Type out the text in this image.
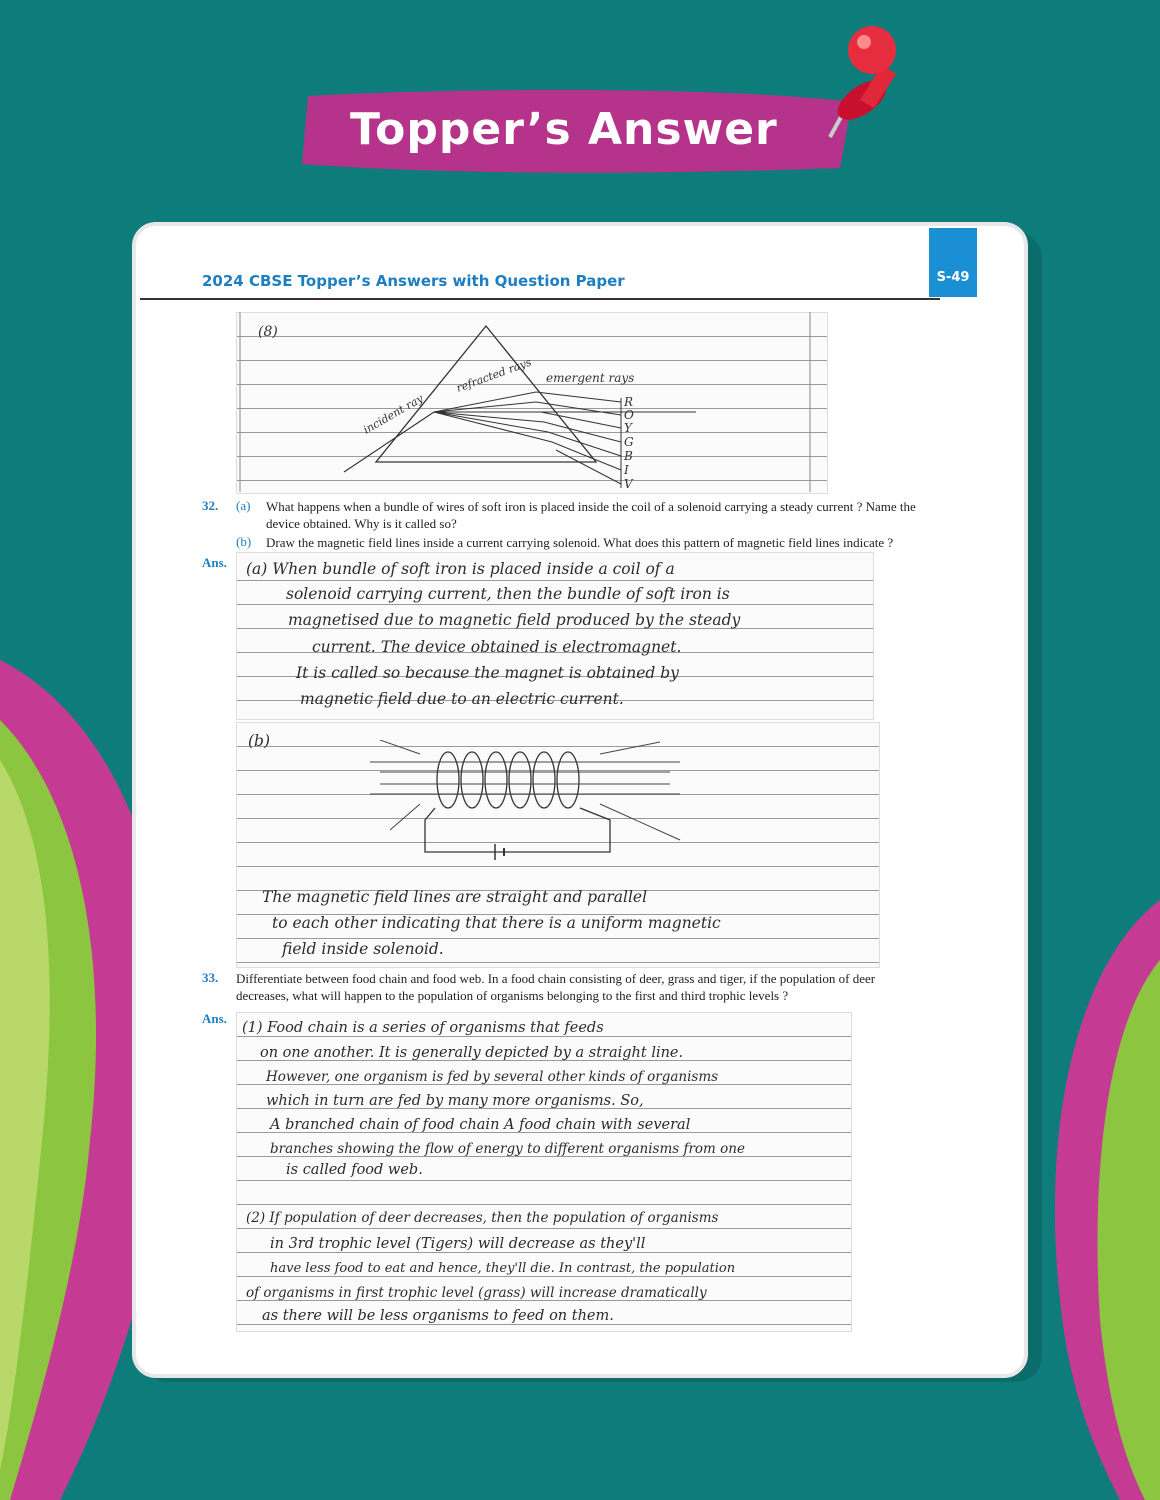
Topper’s Answer
2024 CBSE Topper’s Answers with Question Paper	S-49
(8)
incident ray
refracted rays emergent rays
R
O
Y
G
B
I
V
32. (a) What happens when a bundle of wires of soft iron is placed inside the coil of a solenoid carrying a steady current ? Name the
device obtained. Why is it called so?
(b) Draw the magnetic field lines inside a current carrying solenoid. What does this pattern of magnetic field lines indicate ?
Ans. (a) When bundle of soft iron is placed inside a coil of a
solenoid carrying current, then the bundle of soft iron is
magnetised due to magnetic field produced by the steady
current. The device obtained is electromagnet.
It is called so because the magnet is obtained by
magnetic field due to an electric current.
(b)
The magnetic field lines are straight and parallel
to each other indicating that there is a uniform magnetic
field inside solenoid.
33. Differentiate between food chain and food web. In a food chain consisting of deer, grass and tiger, if the population of deer
decreases, what will happen to the population of organisms belonging to the first and third trophic levels ?
Ans.
(1) Food chain is a series of organisms that feeds
on one another. It is generally depicted by a straight line.
However, one organism is fed by several other kinds of organisms
which in turn are fed by many more organisms. So,
A branched chain of food chain A food chain with several
branches showing the flow of energy to different organisms from one
is called food web.
(2) If population of deer decreases, then the population of organisms
in 3rd trophic level (Tigers) will decrease as they'll
have less food to eat and hence, they'll die. In contrast, the population
of organisms in first trophic level (grass) will increase dramatically
as there will be less organisms to feed on them.
